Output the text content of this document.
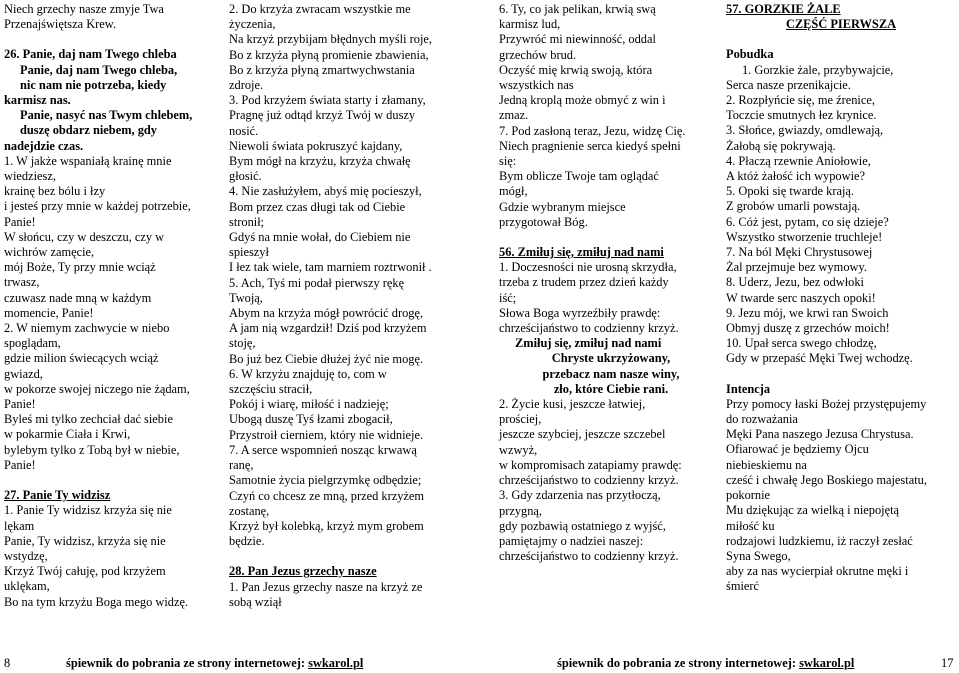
Niech grzechy nasze zmyje Twa
Przenajświętsza Krew.
26. Panie, daj nam Twego chleba
Panie, daj nam Twego chleba,
nic nam nie potrzeba, kiedy
karmisz nas.
Panie, nasyć nas Twym chlebem,
duszę obdarz niebem, gdy
nadejdzie czas.
1. W jakże wspaniałą krainę mnie
wiedziesz,
krainę bez bólu i łzy
i jesteś przy mnie w każdej potrzebie,
Panie!
W słońcu, czy w deszczu, czy w
wichrów zamęcie,
mój Boże, Ty przy mnie wciąż
trwasz,
czuwasz nade mną w każdym
momencie, Panie!
2. W niemym zachwycie w niebo
spoglądam,
gdzie milion świecących wciąż
gwiazd,
w pokorze swojej niczego nie żądam,
Panie!
Byleś mi tylko zechciał dać siebie
w pokarmie Ciała i Krwi,
bylebym tylko z Tobą był w niebie,
Panie!
27. Panie Ty widzisz
1. Panie Ty widzisz krzyża się nie
lękam
Panie, Ty widzisz, krzyża się nie
wstydzę,
Krzyż Twój całuję, pod krzyżem
uklękam,
Bo na tym krzyżu Boga mego widzę.
2. Do krzyża zwracam wszystkie me
życzenia,
Na krzyż przybijam błędnych myśli roje,
Bo z krzyża płyną promienie zbawienia,
Bo z krzyża płyną zmartwychwstania
zdroje.
3. Pod krzyżem świata starty i złamany,
Pragnę już odtąd krzyż Twój w duszy
nosić.
Niewoli świata pokruszyć kajdany,
Bym mógł na krzyżu, krzyża chwałę
głosić.
4. Nie zasłużyłem, abyś mię pocieszył,
Bom przez czas długi tak od Ciebie
stronił;
Gdyś na mnie wołał, do Ciebiem nie
spieszył
I łez tak wiele, tam marniem roztrwonił .
5. Ach, Tyś mi podał pierwszy rękę
Twoją,
Abym na krzyża mógł powrócić drogę,
A jam nią wzgardził! Dziś pod krzyżem
stoję,
Bo już bez Ciebie dłużej żyć nie mogę.
6. W krzyżu znajduję to, com w
szczęściu stracił,
Pokój i wiarę, miłość i nadzieję;
Ubogą duszę Tyś łzami zbogacił,
Przystroił cierniem, który nie widnieje.
7. A serce wspomnień nosząc krwawą
ranę,
Samotnie życia pielgrzymkę odbędzie;
Czyń co chcesz ze mną, przed krzyżem
zostanę,
Krzyż był kolebką, krzyż mym grobem
będzie.
28. Pan Jezus grzechy nasze
1. Pan Jezus grzechy nasze na krzyż ze
sobą wziął
6. Ty, co jak pelikan, krwią swą
karmisz lud,
Przywróć mi niewinność, oddal
grzechów brud.
Oczyść mię krwią swoją, która
wszystkich nas
Jedną kroplą może obmyć z win i
zmaz.
7. Pod zasłoną teraz, Jezu, widzę Cię.
Niech pragnienie serca kiedyś spełni
się:
Bym oblicze Twoje tam oglądać
mógł,
Gdzie wybranym miejsce
przygotował Bóg.
56. Zmiłuj się, zmiłuj nad nami
1. Doczesności nie urosną skrzydła,
trzeba z trudem przez dzień każdy
iść;
Słowa Boga wyrzeźbiły prawdę:
chrześcijaństwo to codzienny krzyż.
Zmiłuj się, zmiłuj nad nami
Chryste ukrzyżowany,
przebacz nam nasze winy,
zło, które Ciebie rani.
2. Życie kusi, jeszcze łatwiej,
prościej,
jeszcze szybciej, jeszcze szczebel
wzwyż,
w kompromisach zatapiamy prawdę:
chrześcijaństwo to codzienny krzyż.
3. Gdy zdarzenia nas przytłoczą,
przygną,
gdy pozbawią ostatniego z wyjść,
pamiętajmy o nadziei naszej:
chrześcijaństwo to codzienny krzyż.
57. GORZKIE ŻALE
CZĘŚĆ PIERWSZA
Pobudka
1. Gorzkie żale, przybywajcie,
Serca nasze przenikajcie.
2. Rozpłyńcie się, me źrenice,
Toczcie smutnych łez krynice.
3. Słońce, gwiazdy, omdlewają,
Żałobą się pokrywają.
4. Płaczą rzewnie Aniołowie,
A któż żałość ich wypowie?
5. Opoki się twarde krają.
Z grobów umarli powstają.
6. Cóż jest, pytam, co się dzieje?
Wszystko stworzenie truchleje!
7. Na ból Męki Chrystusowej
Żal przejmuje bez wymowy.
8. Uderz, Jezu, bez odwłoki
W twarde serc naszych opoki!
9. Jezu mój, we krwi ran Swoich
Obmyj duszę z grzechów moich!
10. Upał serca swego chłodzę,
Gdy w przepaść Męki Twej wchodzę.
Intencja
Przy pomocy łaski Bożej przystępujemy
do rozważania
Męki Pana naszego Jezusa Chrystusa.
Ofiarować je będziemy Ojcu
niebieskiemu na
cześć i chwałę Jego Boskiego majestatu,
pokornie
Mu dziękując za wielką i niepojętą
miłość ku
rodzajowi ludzkiemu, iż raczył zesłać
Syna Swego,
aby za nas wycierpiał okrutne męki i
śmierć
8	śpiewnik do pobrania ze strony internetowej: swkarol.pl	śpiewnik do pobrania ze strony internetowej: swkarol.pl	17
